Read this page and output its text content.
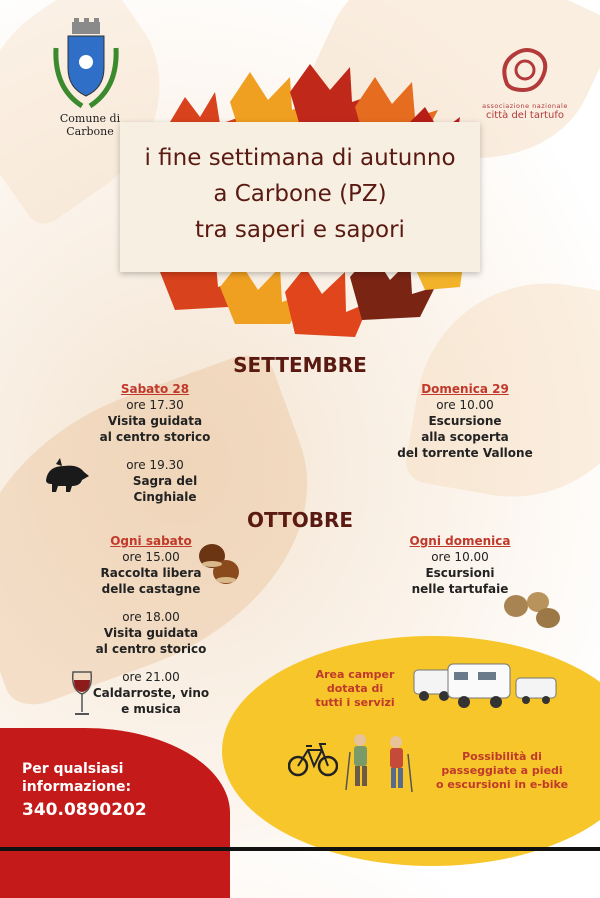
Comune di
Carbone
associazione nazionale
città del tartufo
i fine settimana di autunno
a Carbone (PZ)
tra saperi e sapori
SETTEMBRE
Sabato 28
ore 17.30
Visita guidata
al centro storico
ore 19.30
Sagra del Cinghiale
Domenica 29
ore 10.00
Escursione
alla scoperta
del torrente Vallone
OTTOBRE
Ogni sabato
ore 15.00
Raccolta libera
delle castagne
ore 18.00
Visita guidata
al centro storico
ore 21.00
Caldarroste, vino
e musica
Ogni domenica
ore 10.00
Escursioni
nelle tartufaie
Area camper
dotata di
tutti i servizi
Possibilità di
passeggiate a piedi
o escursioni in e-bike
Per qualsiasi
informazione:
340.0890202
